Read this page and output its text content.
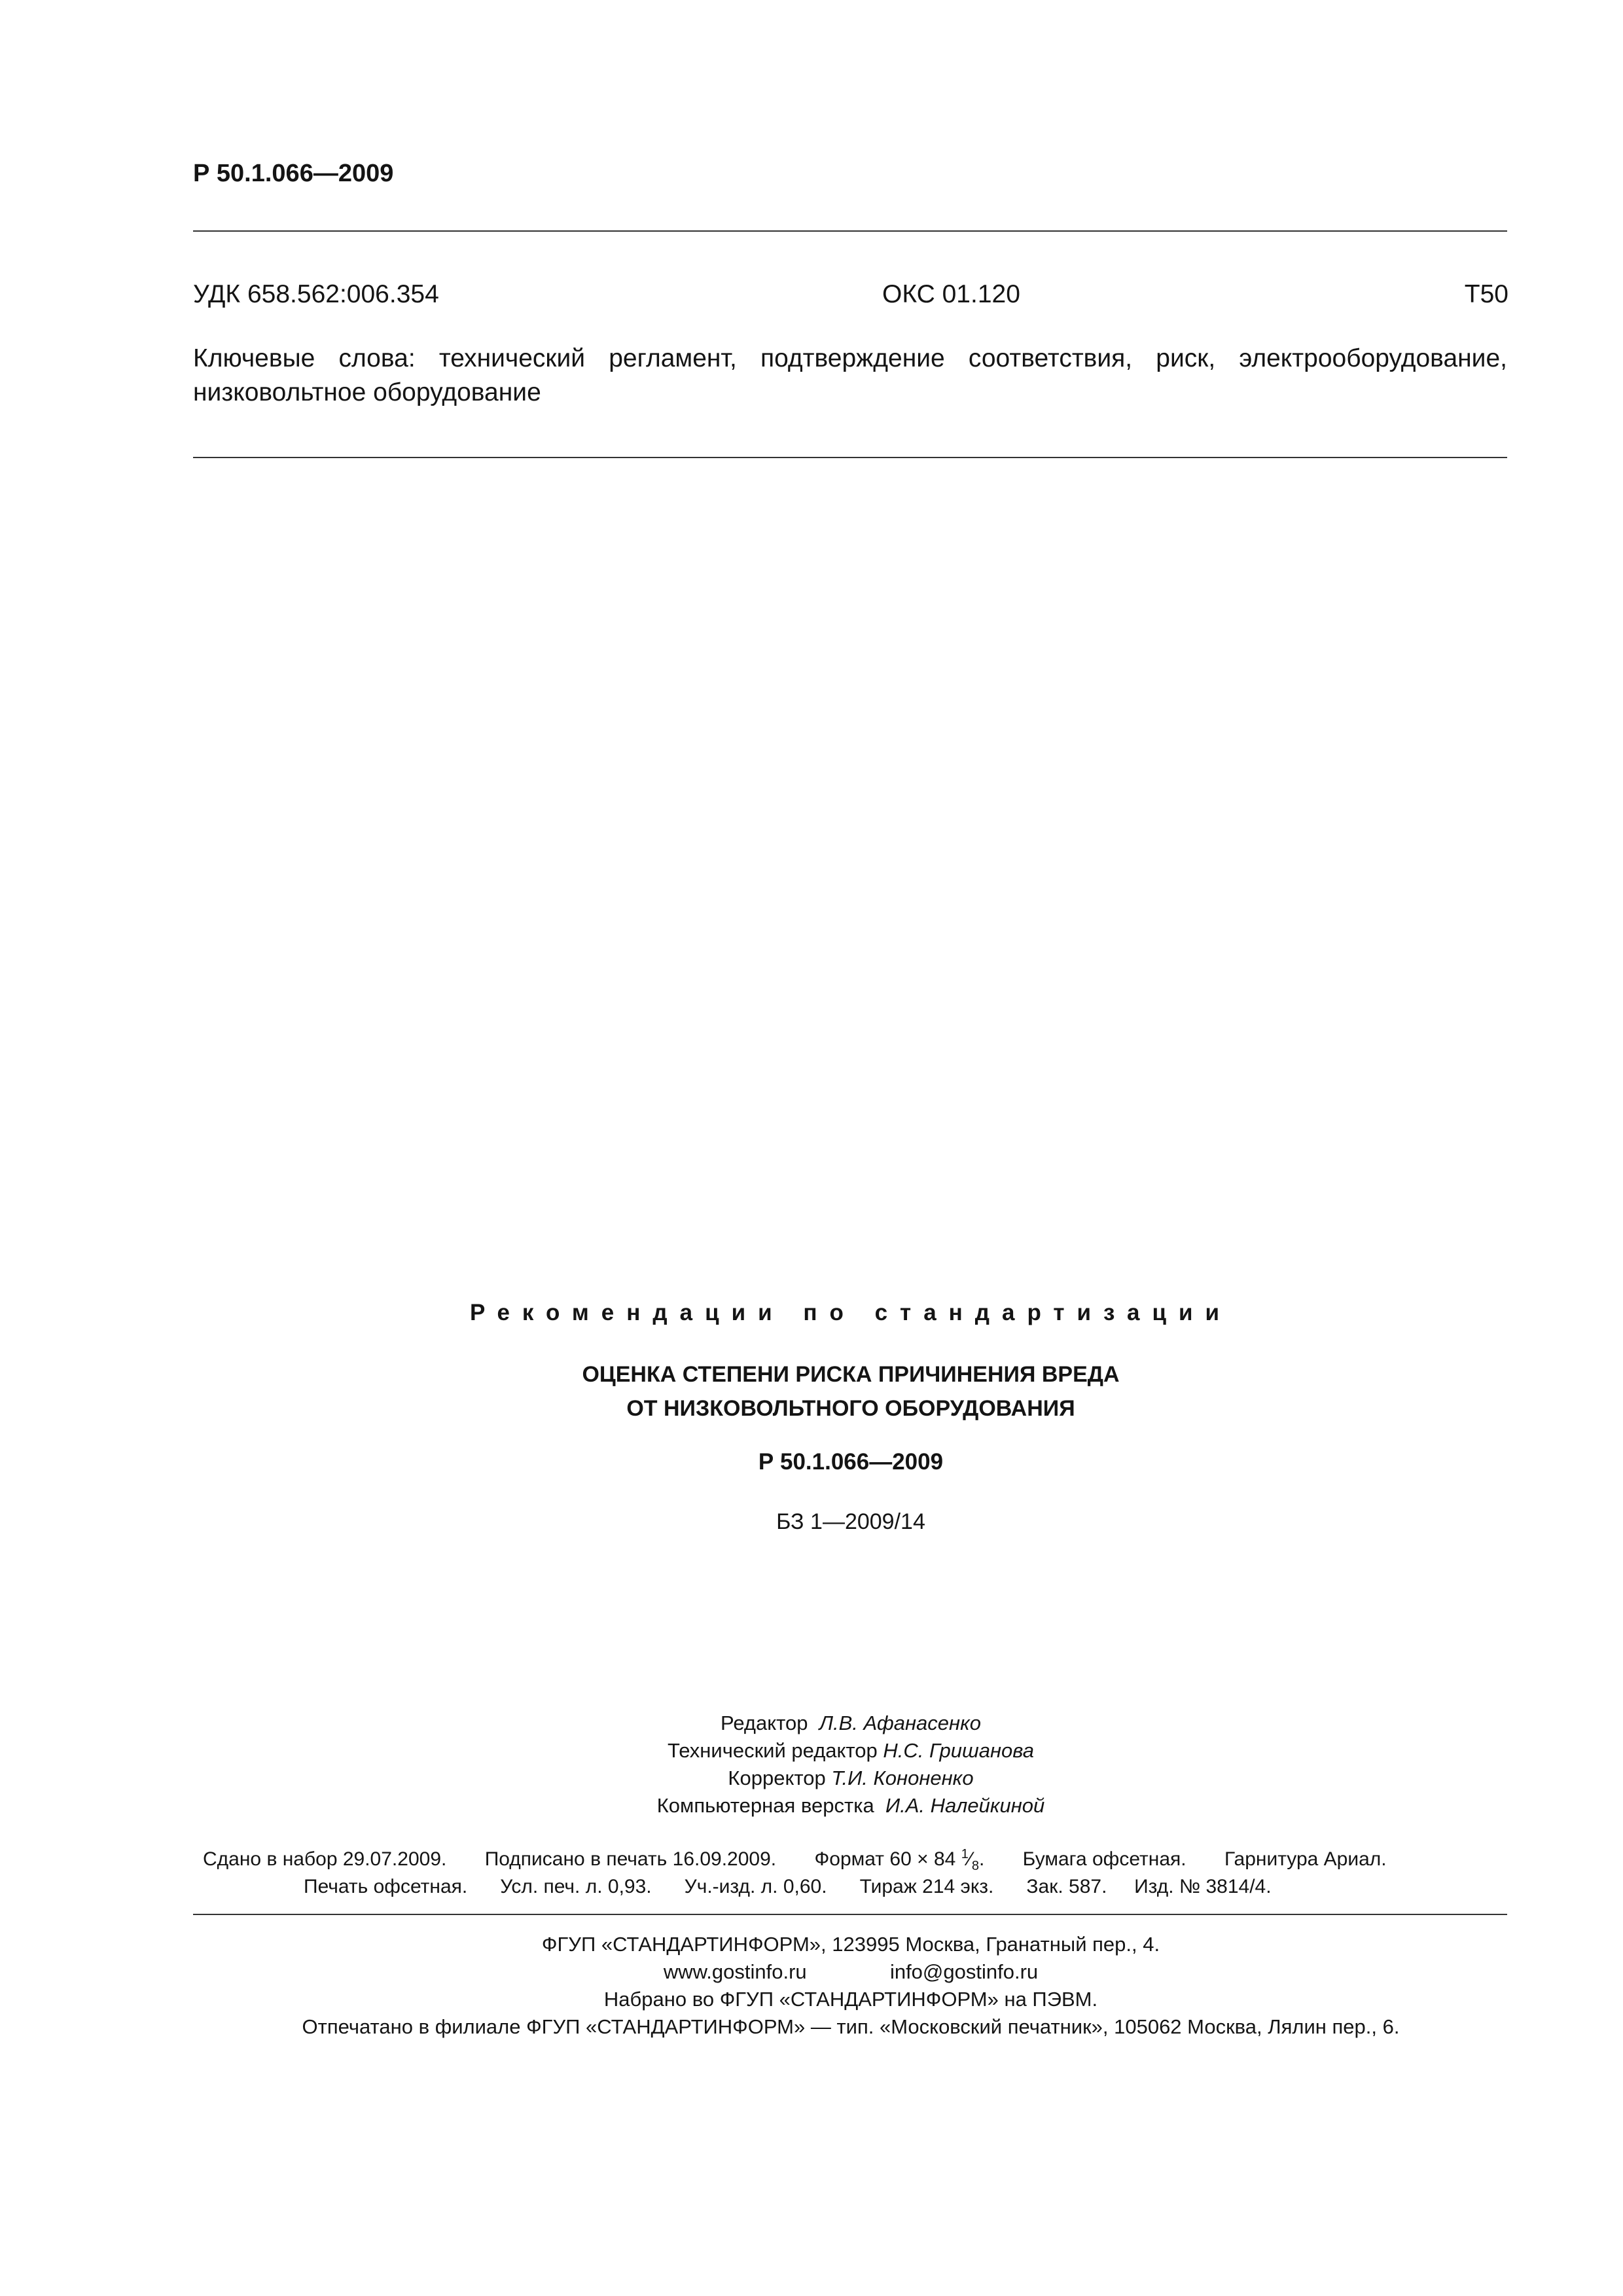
Р 50.1.066—2009
УДК 658.562:006.354	ОКС 01.120	Т50
Ключевые слова: технический регламент, подтверждение соответствия, риск, электрооборудование,
низковольтное оборудование
Рекомендации по стандартизации
ОЦЕНКА СТЕПЕНИ РИСКА ПРИЧИНЕНИЯ ВРЕДА
ОТ НИЗКОВОЛЬТНОГО ОБОРУДОВАНИЯ
Р 50.1.066—2009
БЗ 1—2009/14
Редактор Л.В. Афанасенко
Технический редактор Н.С. Гришанова
Корректор Т.И. Кононенко
Компьютерная верстка И.А. Налейкиной
Сдано в набор 29.07.2009. Подписано в печать 16.09.2009. Формат 60 × 84 $^1⁄_8$. Бумага офсетная. Гарнитура Ариал.
Печать офсетная. Усл. печ. л. 0,93. Уч.-изд. л. 0,60. Тираж 214 экз. Зак. 587. Изд. № 3814/4.
ФГУП «СТАНДАРТИНФОРМ», 123995 Москва, Гранатный пер., 4.
www.gostinfo.ru	info@gostinfo.ru
Набрано во ФГУП «СТАНДАРТИНФОРМ» на ПЭВМ.
Отпечатано в филиале ФГУП «СТАНДАРТИНФОРМ» — тип. «Московский печатник», 105062 Москва, Лялин пер., 6.
